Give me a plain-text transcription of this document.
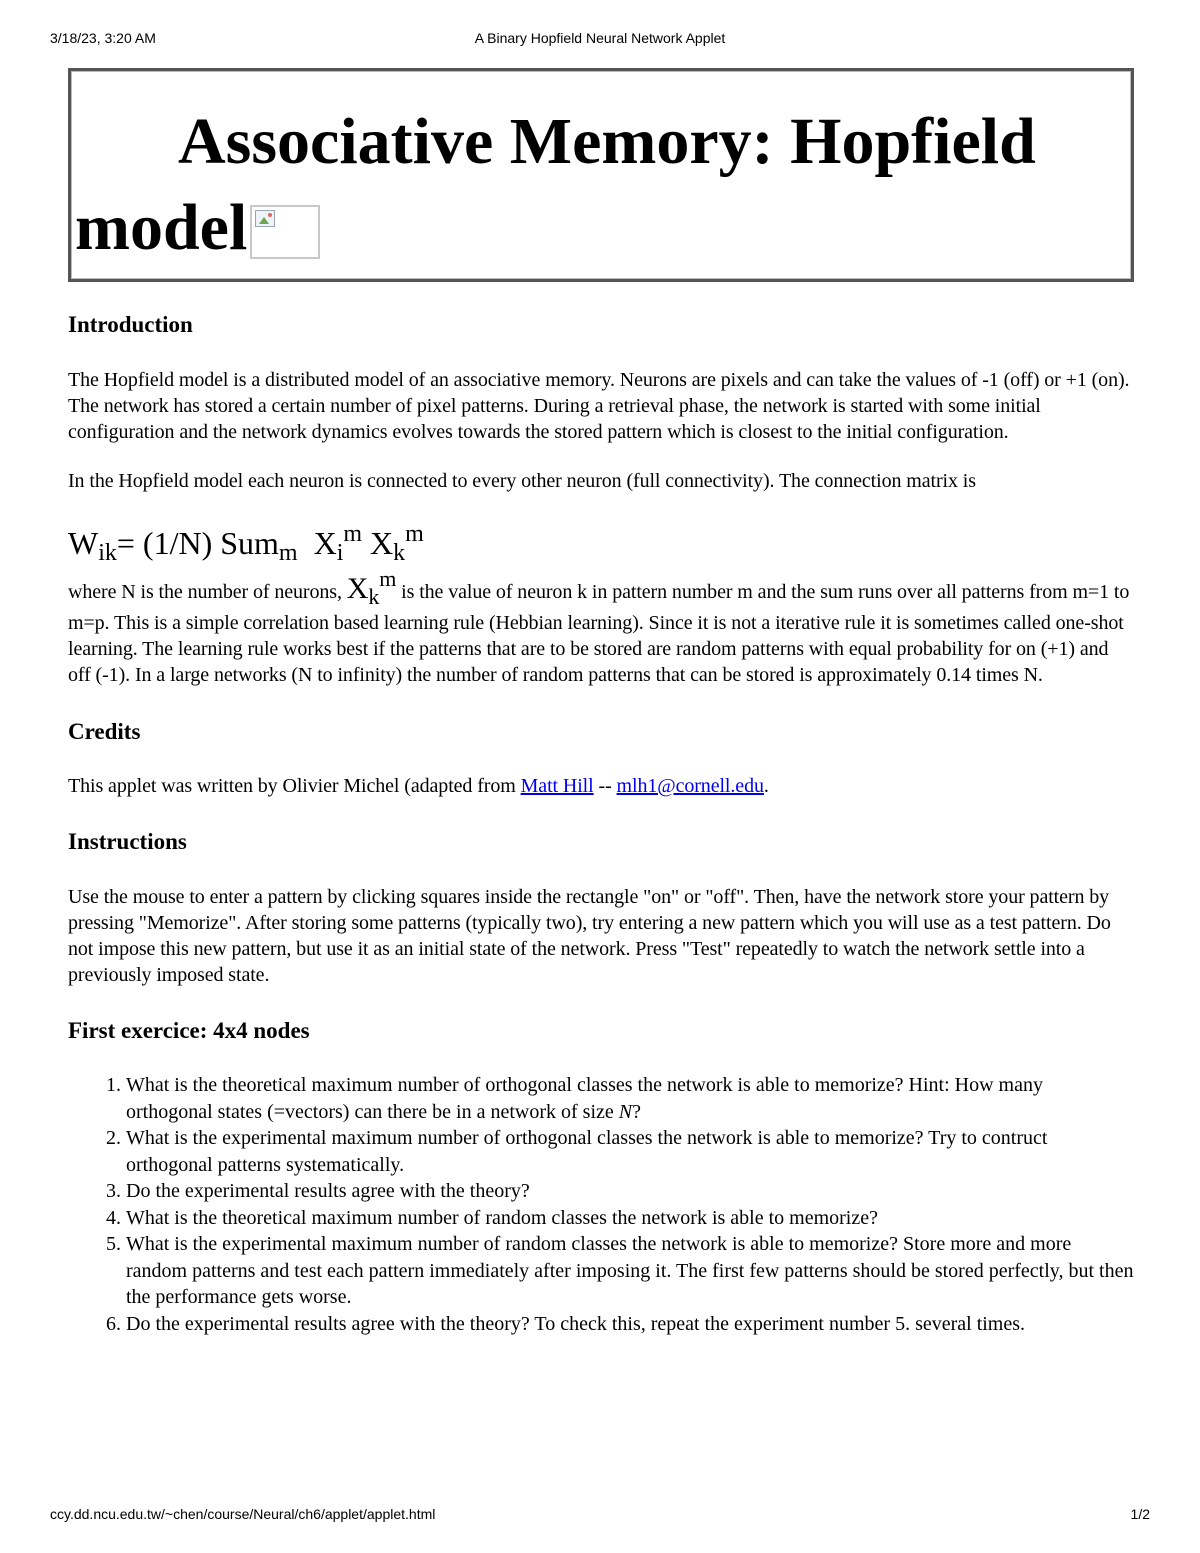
3/18/23, 3:20 AM	A Binary Hopfield Neural Network Applet
Associative Memory: Hopfield model
Introduction

The Hopfield model is a distributed model of an associative memory. Neurons are pixels and can take the values of -1 (off) or +1 (on). The network has stored a certain number of pixel patterns. During a retrieval phase, the network is started with some initial configuration and the network dynamics evolves towards the stored pattern which is closest to the initial configuration.

In the Hopfield model each neuron is connected to every other neuron (full connectivity). The connection matrix is

$W_{ik}= (1/N)$ Sum$_m$ $X_i^m$ $X_k^m$

where N is the number of neurons, $X_k^m$ is the value of neuron k in pattern number m and the sum runs over all patterns from m=1 to m=p. This is a simple correlation based learning rule (Hebbian learning). Since it is not a iterative rule it is sometimes called one-shot learning. The learning rule works best if the patterns that are to be stored are random patterns with equal probability for on (+1) and off (-1). In a large networks (N to infinity) the number of random patterns that can be stored is approximately 0.14 times N.

Credits

This applet was written by Olivier Michel (adapted from Matt Hill -- mlh1@cornell.edu.

Instructions

Use the mouse to enter a pattern by clicking squares inside the rectangle "on" or "off". Then, have the network store your pattern by pressing "Memorize". After storing some patterns (typically two), try entering a new pattern which you will use as a test pattern. Do not impose this new pattern, but use it as an initial state of the network. Press "Test" repeatedly to watch the network settle into a previously imposed state.

First exercice: 4x4 nodes
1. What is the theoretical maximum number of orthogonal classes the network is able to memorize? Hint: How many orthogonal states (=vectors) can there be in a network of size N?
2. What is the experimental maximum number of orthogonal classes the network is able to memorize? Try to contruct orthogonal patterns systematically.
3. Do the experimental results agree with the theory?
4. What is the theoretical maximum number of random classes the network is able to memorize?
5. What is the experimental maximum number of random classes the network is able to memorize? Store more and more random patterns and test each pattern immediately after imposing it. The first few patterns should be stored perfectly, but then the performance gets worse.
6. Do the experimental results agree with the theory? To check this, repeat the experiment number 5. several times.
ccy.dd.ncu.edu.tw/~chen/course/Neural/ch6/applet/applet.html	1/2
